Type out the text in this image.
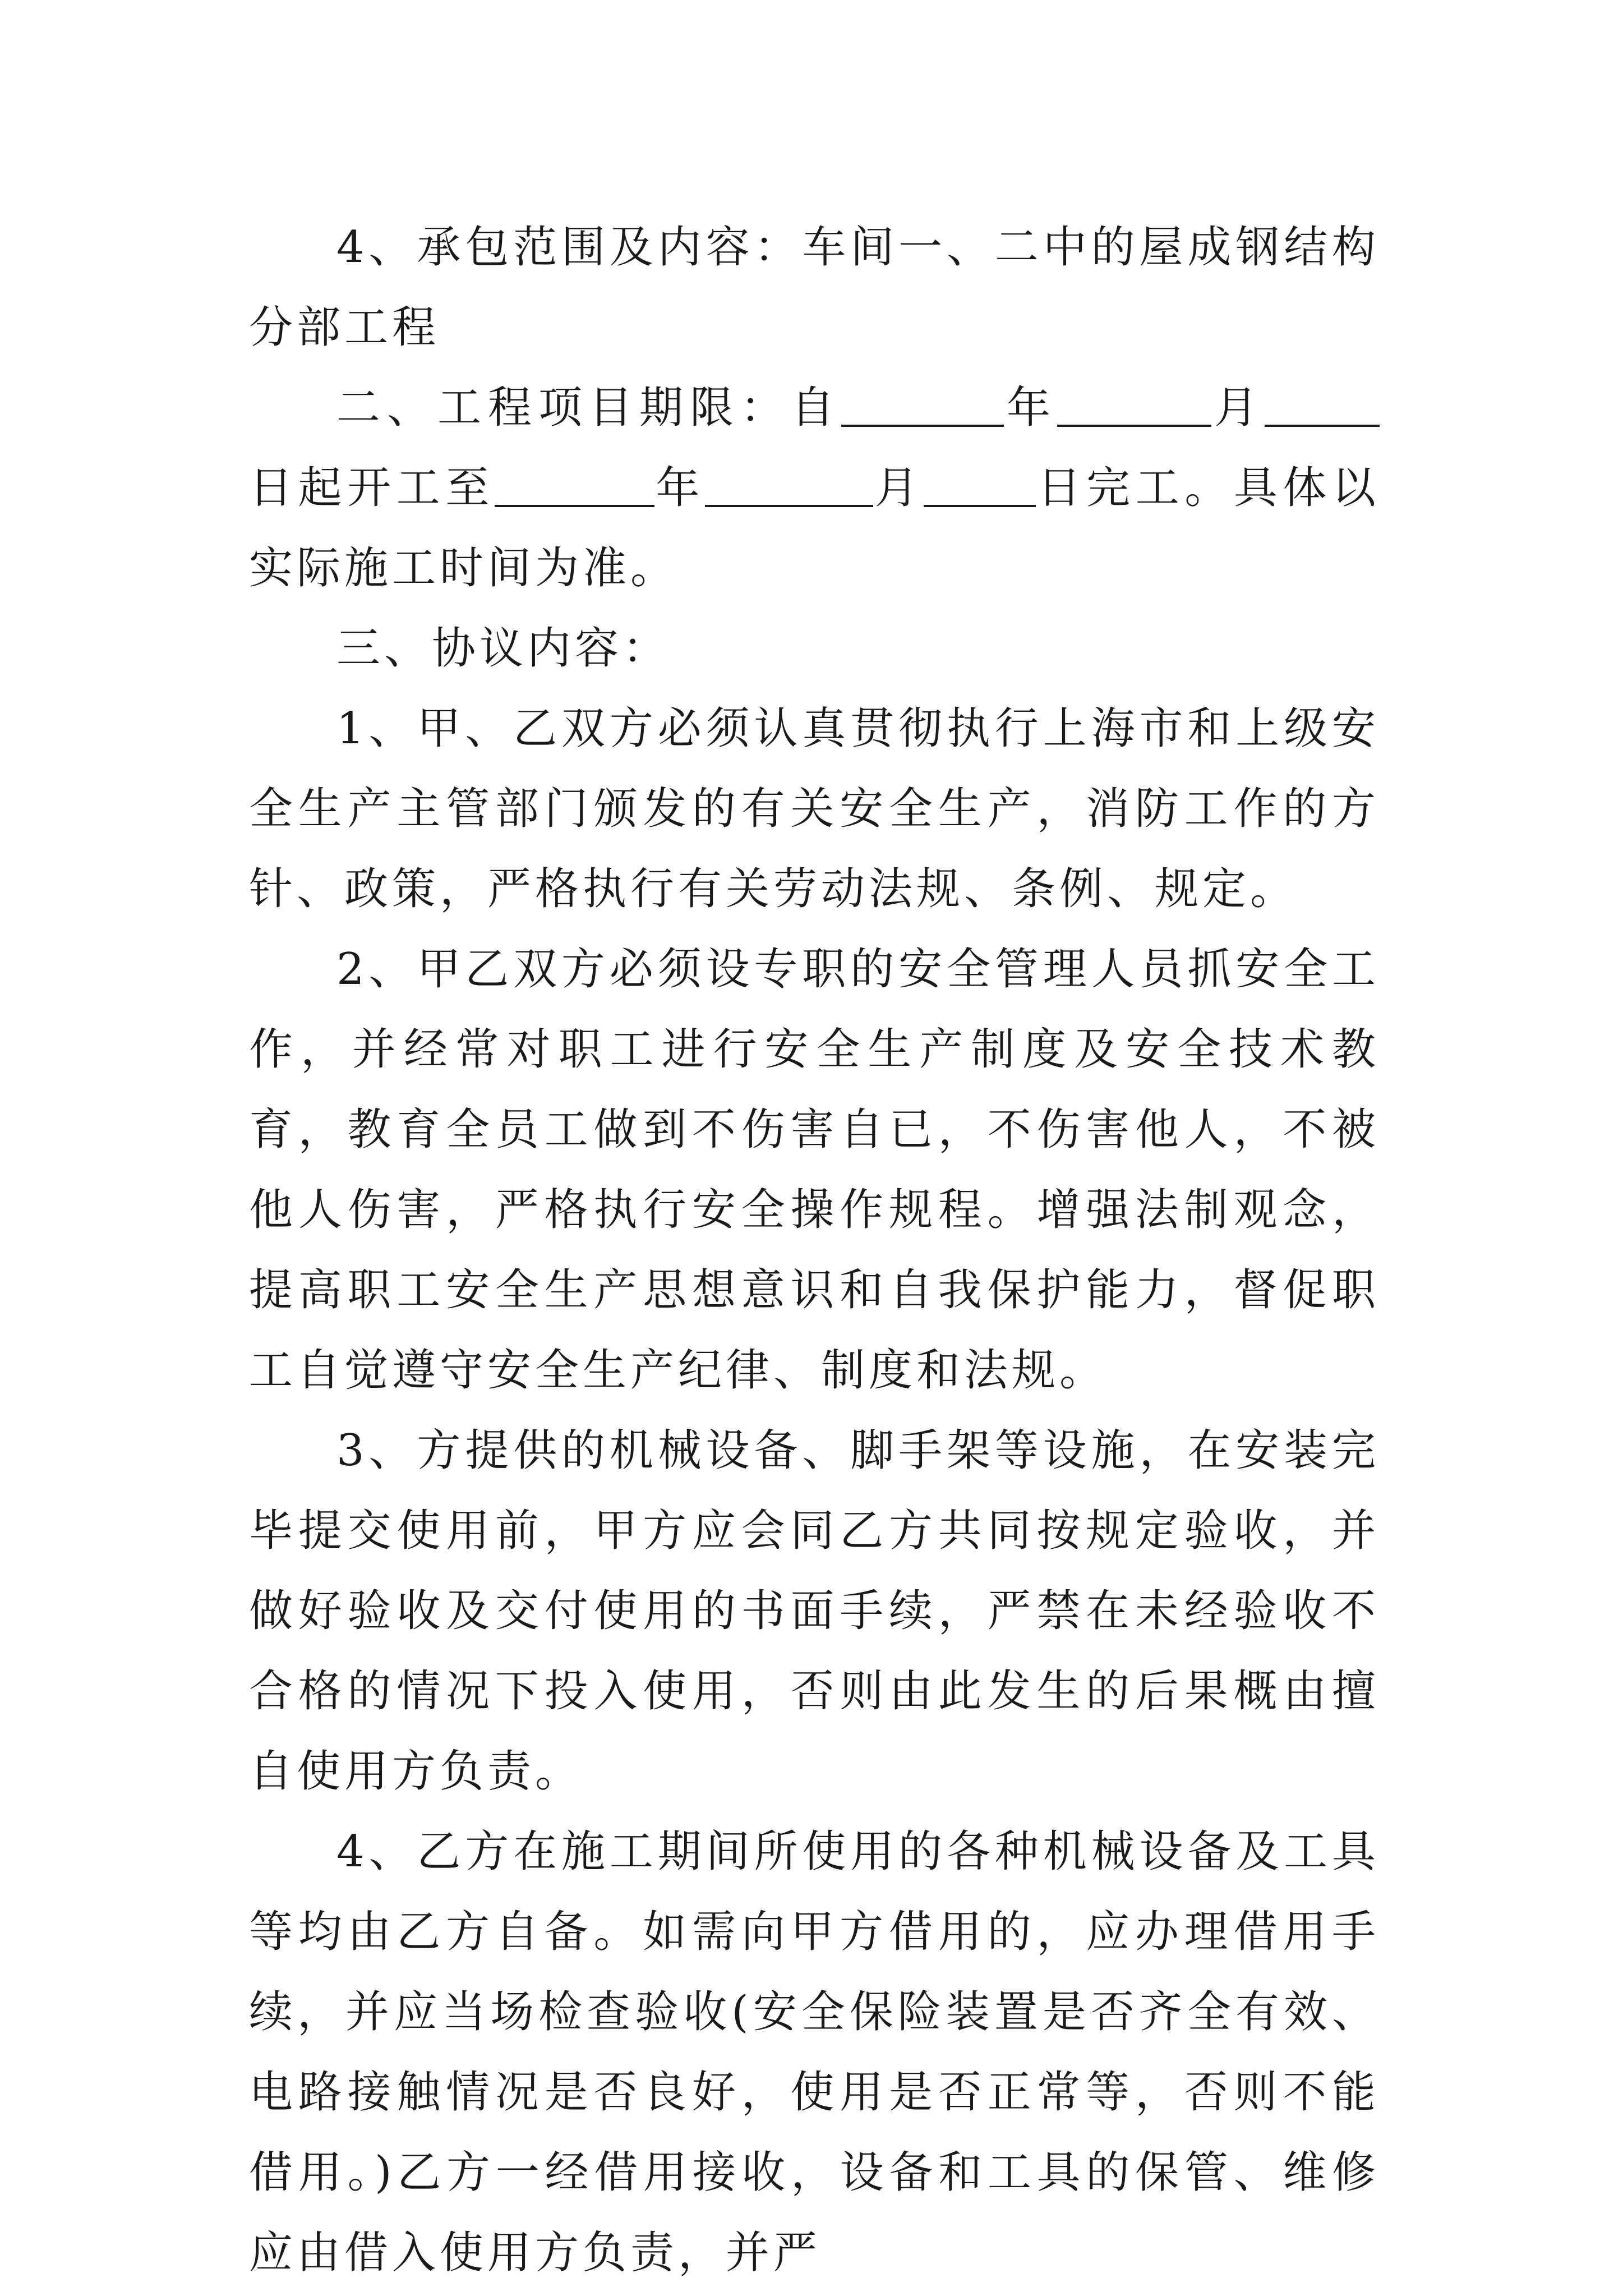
4、承包范围及内容：车间一、二中的屋成钢结构分部工程

二、工程项目期限：自	年	月日起开工至	年	月	日完工。具体以实际施工时间为准。

三、协议内容：

1、甲、乙双方必须认真贯彻执行上海市和上级安全生产主管部门颁发的有关安全生产，消防工作的方针、政策，严格执行有关劳动法规、条例、规定。

2、甲乙双方必须设专职的安全管理人员抓安全工作，并经常对职工进行安全生产制度及安全技术教育，教育全员工做到不伤害自已，不伤害他人，不被他人伤害，严格执行安全操作规程。增强法制观念，提高职工安全生产思想意识和自我保护能力，督促职工自觉遵守安全生产纪律、制度和法规。

3、方提供的机械设备、脚手架等设施，在安装完毕提交使用前，甲方应会同乙方共同按规定验收，并做好验收及交付使用的书面手续，严禁在未经验收不合格的情况下投入使用，否则由此发生的后果概由擅自使用方负责。

4、乙方在施工期间所使用的各种机械设备及工具等均由乙方自备。如需向甲方借用的，应办理借用手续，并应当场检查验收(安全保险装置是否齐全有效、电路接触情况是否良好，使用是否正常等，否则不能借用。)乙方一经借用接收，设备和工具的保管、维修应由借入使用方负责，并严
